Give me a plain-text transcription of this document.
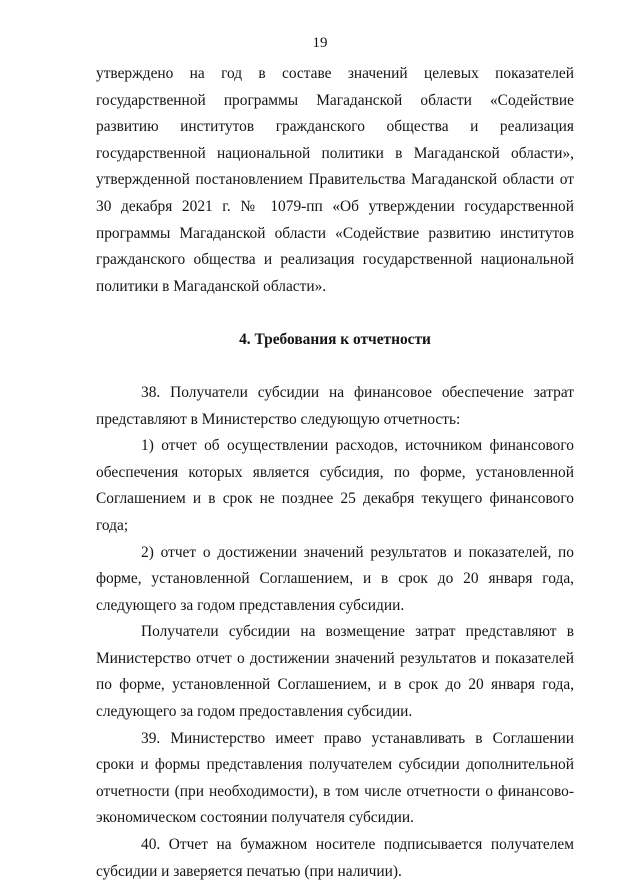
19

утверждено на год в составе значений целевых показателей государственной программы Магаданской области «Содействие развитию институтов гражданского общества и реализация государственной национальной политики в Магаданской области», утвержденной постановлением Правительства Магаданской области от 30 декабря 2021 г. № 1079-пп «Об утверждении государственной программы Магаданской области «Содействие развитию институтов гражданского общества и реализация государственной национальной политики в Магаданской области».

4. Требования к отчетности

38. Получатели субсидии на финансовое обеспечение затрат представляют в Министерство следующую отчетность:

1) отчет об осуществлении расходов, источником финансового обеспечения которых является субсидия, по форме, установленной Соглашением и в срок не позднее 25 декабря текущего финансового года;

2) отчет о достижении значений результатов и показателей, по форме, установленной Соглашением, и в срок до 20 января года, следующего за годом представления субсидии.

Получатели субсидии на возмещение затрат представляют в Министерство отчет о достижении значений результатов и показателей по форме, установленной Соглашением, и в срок до 20 января года, следующего за годом предоставления субсидии.

39. Министерство имеет право устанавливать в Соглашении сроки и формы представления получателем субсидии дополнительной отчетности (при необходимости), в том числе отчетности о финансово-экономическом состоянии получателя субсидии.

40. Отчет на бумажном носителе подписывается получателем субсидии и заверяется печатью (при наличии).
